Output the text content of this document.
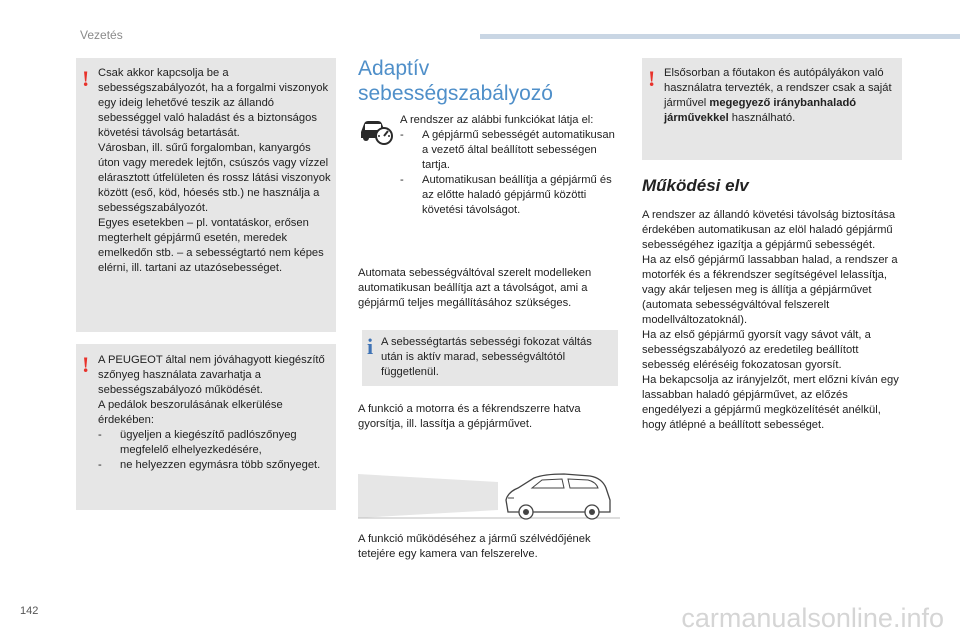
Vezetés
! Csak akkor kapcsolja be a sebességszabályozót, ha a forgalmi viszonyok egy ideig lehetővé teszik az állandó sebességgel való haladást és a biztonságos követési távolság betartását.

Városban, ill. sűrű forgalomban, kanyargós úton vagy meredek lejtőn, csúszós vagy vízzel elárasztott útfelületen és rossz látási viszonyok között (eső, köd, hóesés stb.) ne használja a sebességszabályozót.

Egyes esetekben – pl. vontatáskor, erősen megterhelt gépjármű esetén, meredek emelkedőn stb. – a sebességtartó nem képes elérni, ill. tartani az utazósebességet.

! A PEUGEOT által nem jóváhagyott kiegészítő szőnyeg használata zavarhatja a sebességszabályozó működését.

A pedálok beszorulásának elkerülése érdekében:

- ügyeljen a kiegészítő padlószőnyeg megfelelő elhelyezkedésére,
- ne helyezzen egymásra több szőnyeget.
Adaptív
sebességszabályozó

A rendszer az alábbi funkciókat látja el:

- A gépjármű sebességét automatikusan a vezető által beállított sebességen tartja.
- Automatikusan beállítja a gépjármű és az előtte haladó gépjármű közötti követési távolságot.
Automata sebességváltóval szerelt modelleken automatikusan beállítja azt a távolságot, ami a gépjármű teljes megállításához szükséges.
i A sebességtartás sebességi fokozat váltás után is aktív marad, sebességváltótól függetlenül.
A funkció a motorra és a fékrendszerre hatva gyorsítja, ill. lassítja a gépjárművet.
A funkció működéséhez a jármű szélvédőjének tetejére egy kamera van felszerelve.
! Elsősorban a főutakon és autópályákon való használatra tervezték, a rendszer csak a saját járművel megegyező iránybanhaladó járművekkel használható.
Működési elv

A rendszer az állandó követési távolság biztosítása érdekében automatikusan az elöl haladó gépjármű sebességéhez igazítja a gépjármű sebességét.

Ha az első gépjármű lassabban halad, a rendszer a motorfék és a fékrendszer segítségével lelassítja, vagy akár teljesen meg is állítja a gépjárművet (automata sebességváltóval felszerelt modellváltozatoknál).

Ha az első gépjármű gyorsít vagy sávot vált, a sebességszabályozó az eredetileg beállított sebesség eléréséig fokozatosan gyorsít.

Ha bekapcsolja az irányjelzőt, mert előzni kíván egy lassabban haladó gépjárművet, az előzés engedélyezi a gépjármű megközelítését anélkül, hogy átlépné a beállított sebességet.

142	carmanualsonline.info
